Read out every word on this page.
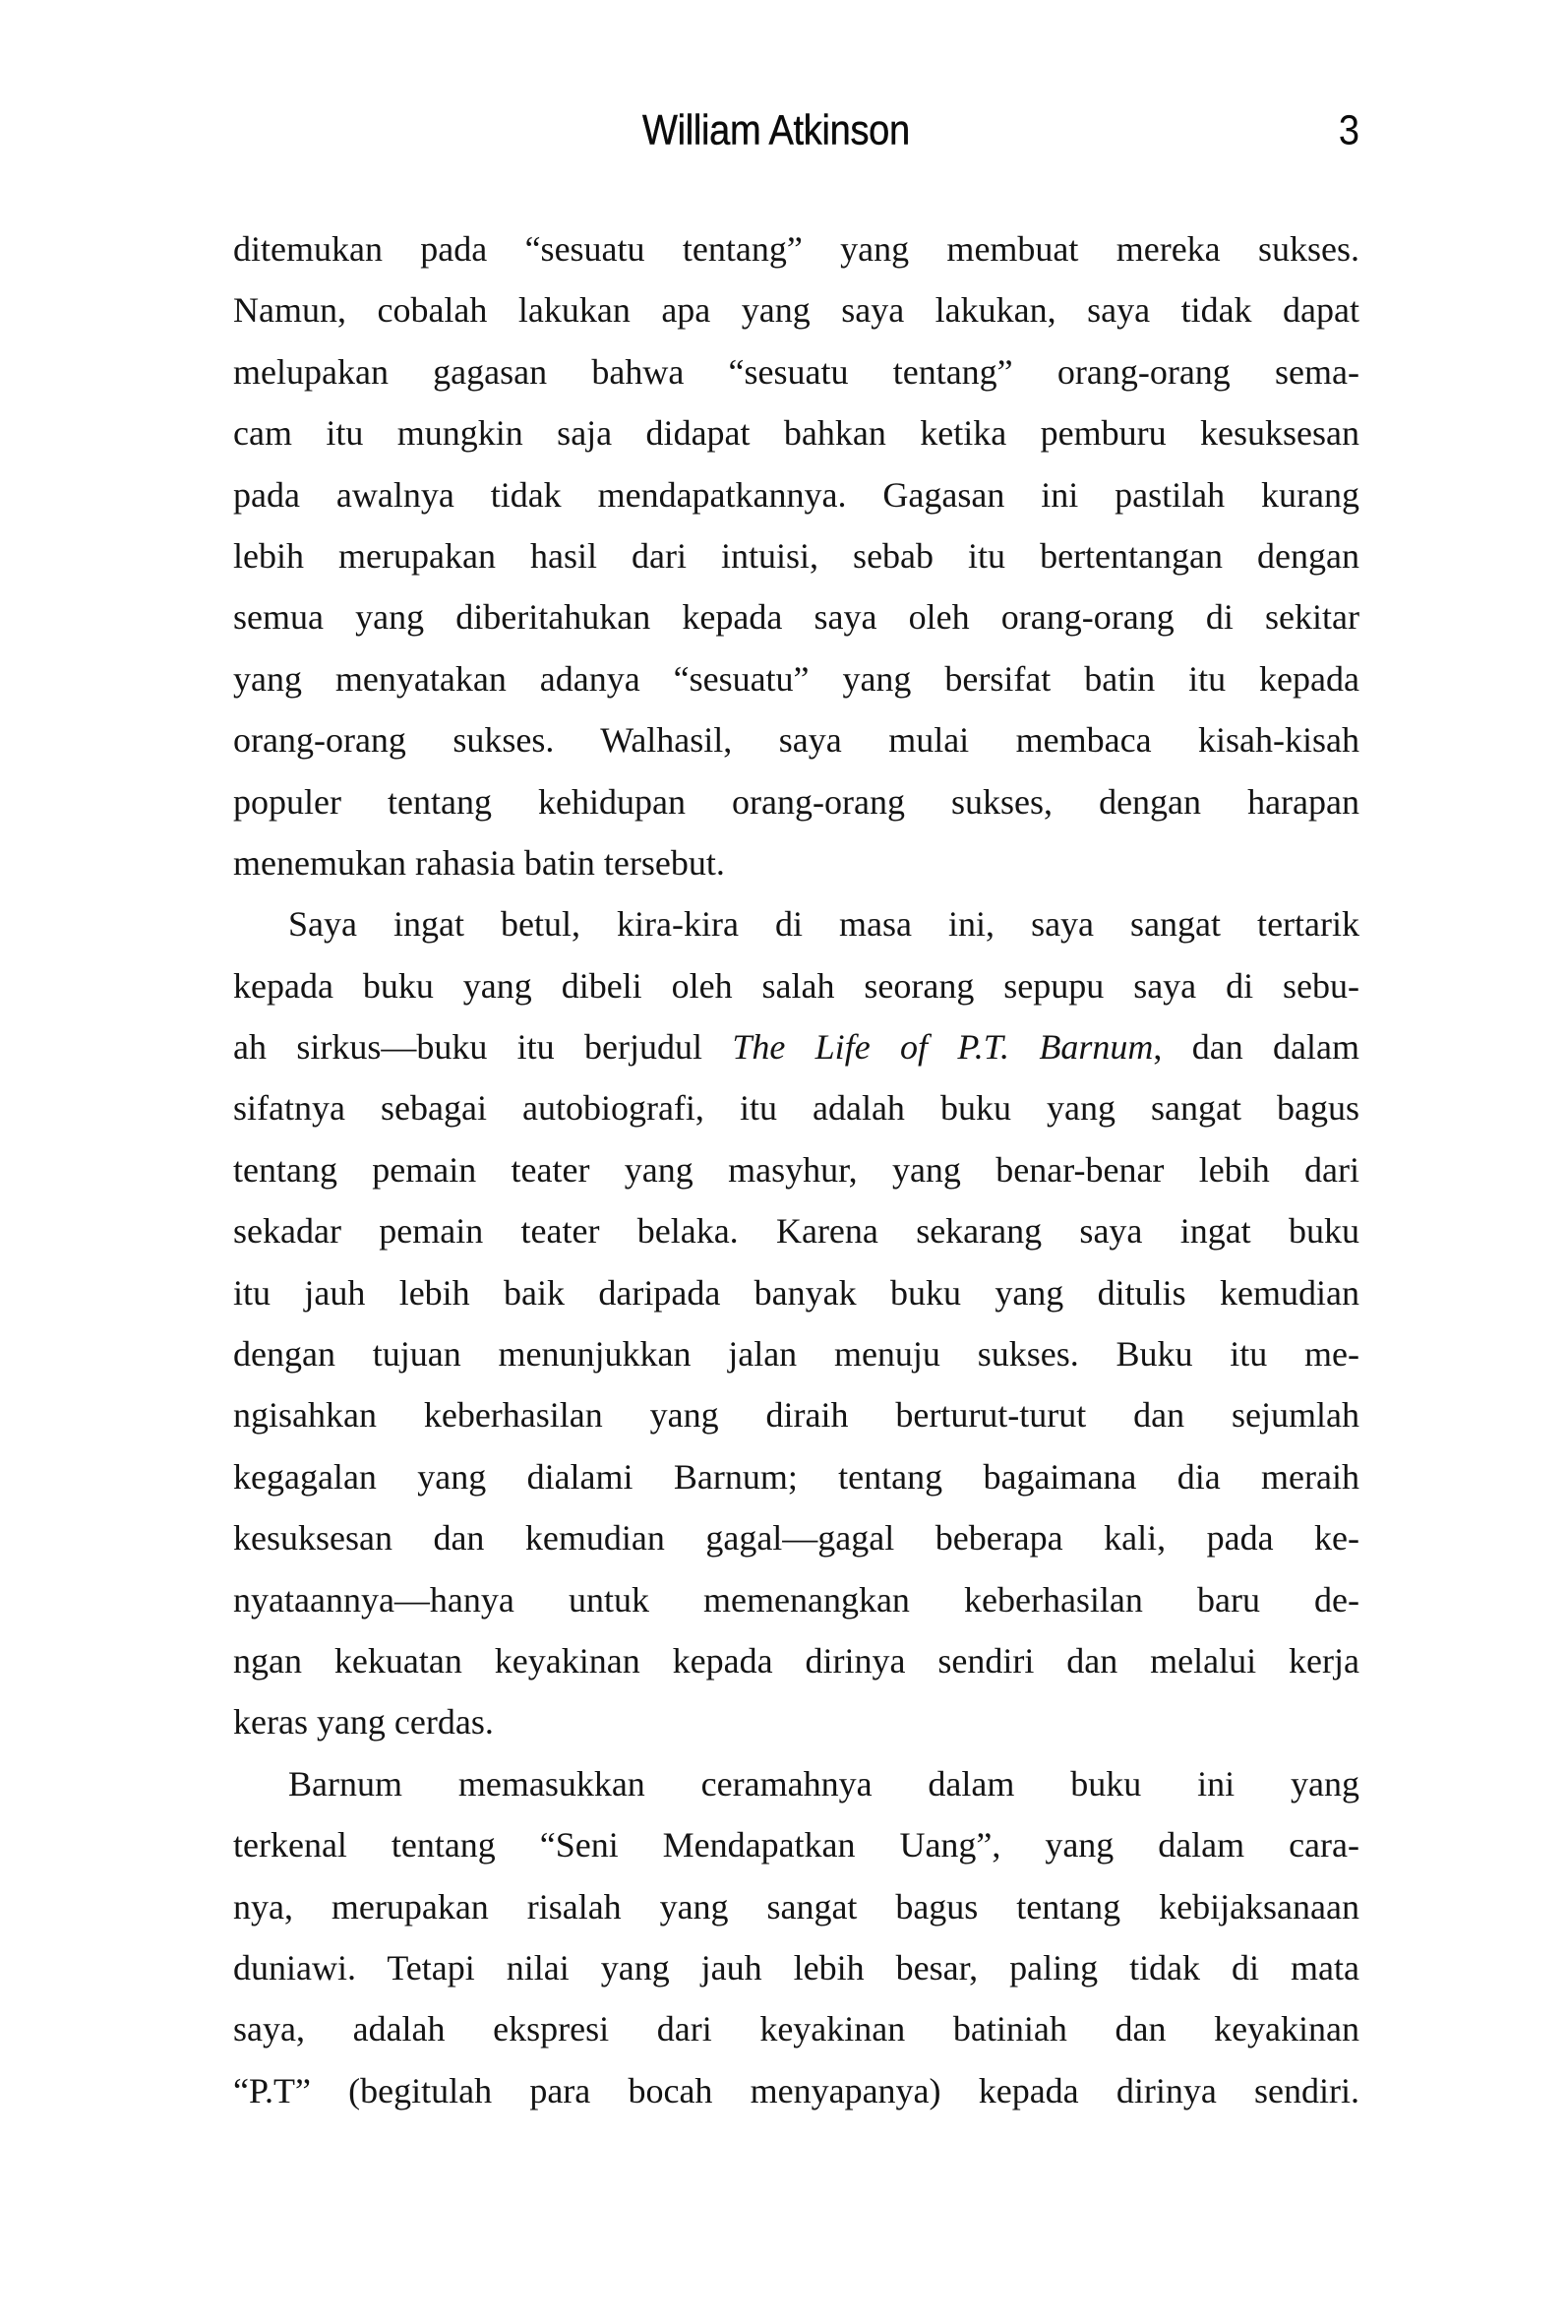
William Atkinson	3
ditemukan pada “sesuatu tentang” yang membuat mereka sukses.
Namun, cobalah lakukan apa yang saya lakukan, saya tidak dapat
melupakan gagasan bahwa “sesuatu tentang” orang-orang sema-
cam itu mungkin saja didapat bahkan ketika pemburu kesuksesan
pada awalnya tidak mendapatkannya. Gagasan ini pastilah kurang
lebih merupakan hasil dari intuisi, sebab itu bertentangan dengan
semua yang diberitahukan kepada saya oleh orang-orang di sekitar
yang menyatakan adanya “sesuatu” yang bersifat batin itu kepada
orang-orang sukses. Walhasil, saya mulai membaca kisah-kisah
populer tentang kehidupan orang-orang sukses, dengan harapan
menemukan rahasia batin tersebut.
Saya ingat betul, kira-kira di masa ini, saya sangat tertarik
kepada buku yang dibeli oleh salah seorang sepupu saya di sebu-
ah sirkus—buku itu berjudul The Life of P.T. Barnum, dan dalam
sifatnya sebagai autobiografi, itu adalah buku yang sangat bagus
tentang pemain teater yang masyhur, yang benar-benar lebih dari
sekadar pemain teater belaka. Karena sekarang saya ingat buku
itu jauh lebih baik daripada banyak buku yang ditulis kemudian
dengan tujuan menunjukkan jalan menuju sukses. Buku itu me-
ngisahkan keberhasilan yang diraih berturut-turut dan sejumlah
kegagalan yang dialami Barnum; tentang bagaimana dia meraih
kesuksesan dan kemudian gagal—gagal beberapa kali, pada ke-
nyataannya—hanya untuk memenangkan keberhasilan baru de-
ngan kekuatan keyakinan kepada dirinya sendiri dan melalui kerja
keras yang cerdas.
Barnum memasukkan ceramahnya dalam buku ini yang
terkenal tentang “Seni Mendapatkan Uang”, yang dalam cara-
nya, merupakan risalah yang sangat bagus tentang kebijaksanaan
duniawi. Tetapi nilai yang jauh lebih besar, paling tidak di mata
saya, adalah ekspresi dari keyakinan batiniah dan keyakinan
“P.T” (begitulah para bocah menyapanya) kepada dirinya sendiri.
